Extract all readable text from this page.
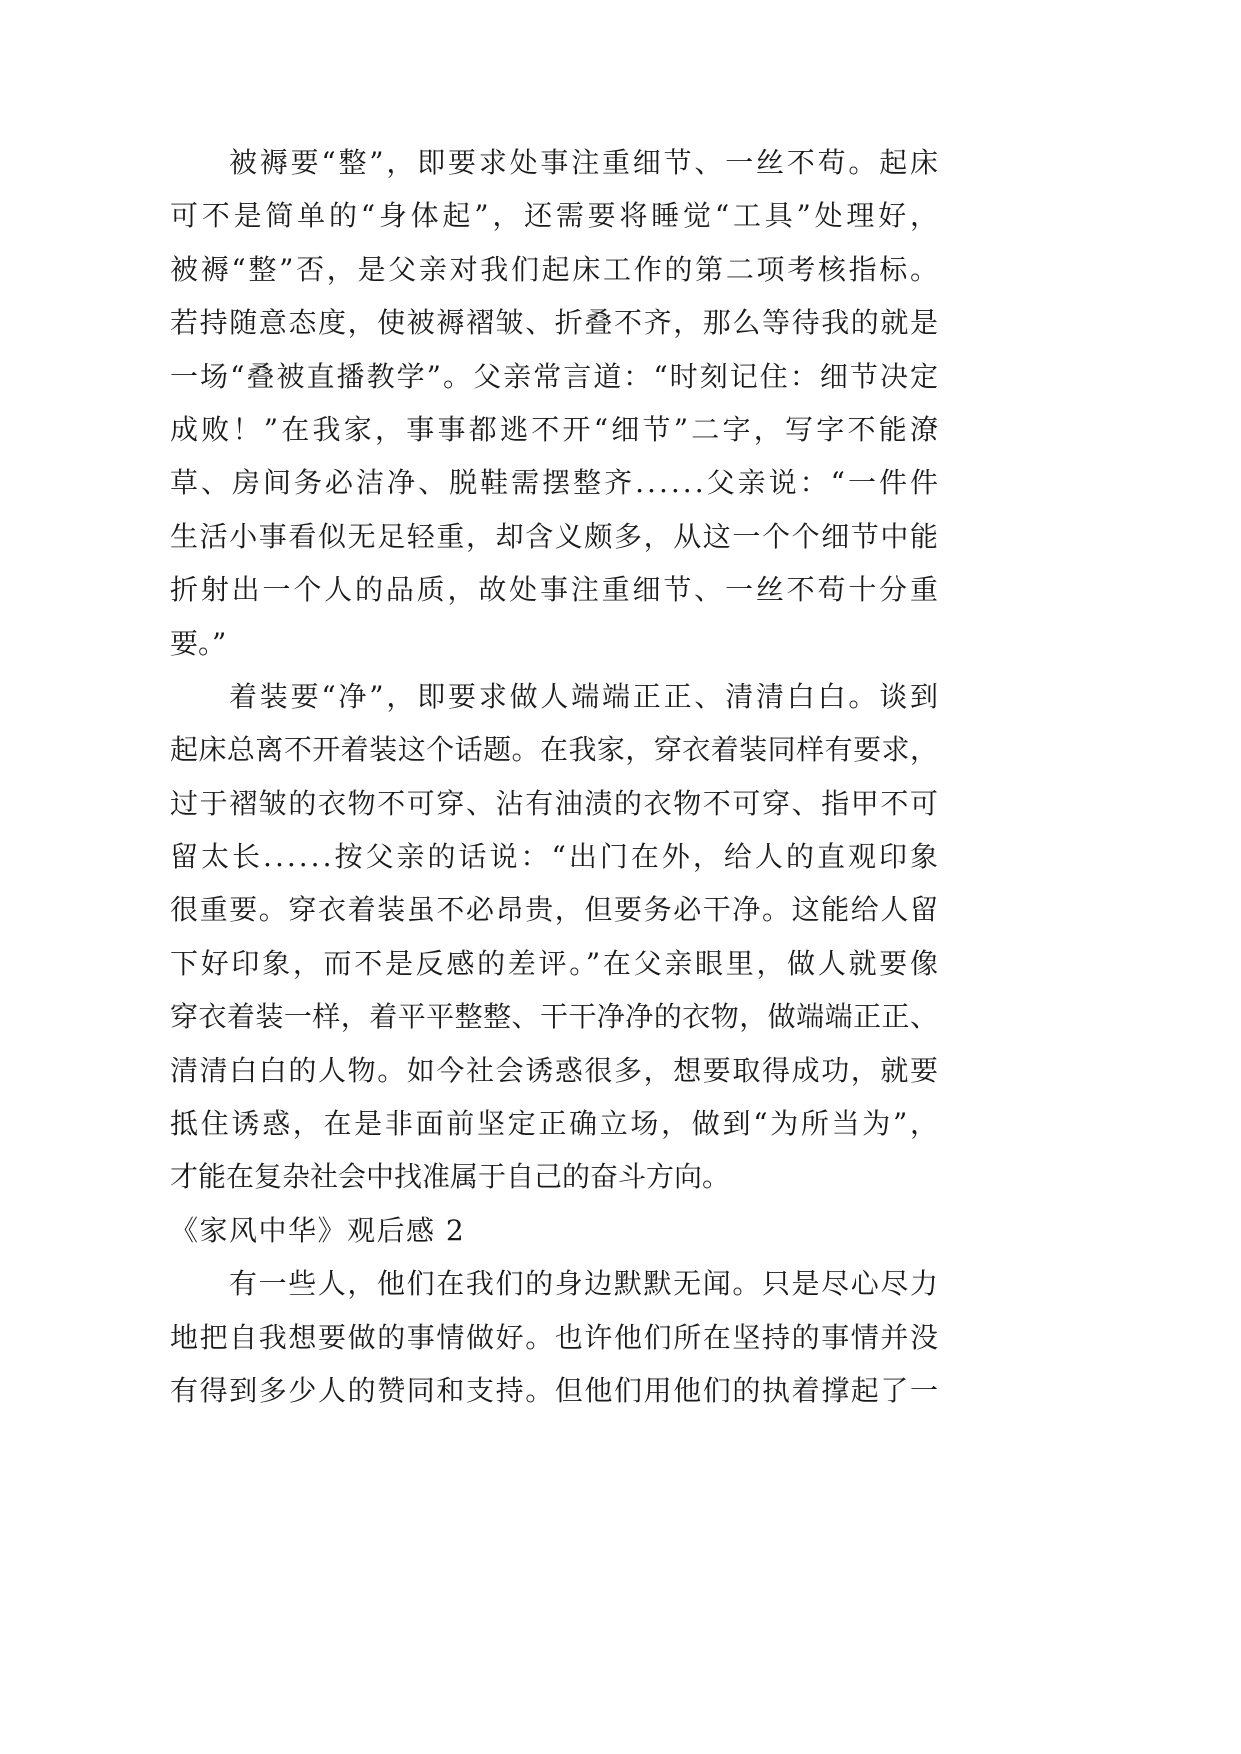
被褥要“整”，即要求处事注重细节、一丝不苟。起床
可不是简单的“身体起”，还需要将睡觉“工具”处理好，
被褥“整”否，是父亲对我们起床工作的第二项考核指标。
若持随意态度，使被褥褶皱、折叠不齐，那么等待我的就是
一场“叠被直播教学”。父亲常言道：“时刻记住：细节决定
成败！”在我家，事事都逃不开“细节”二字，写字不能潦
草、房间务必洁净、脱鞋需摆整齐......父亲说：“一件件
生活小事看似无足轻重，却含义颇多，从这一个个细节中能
折射出一个人的品质，故处事注重细节、一丝不苟十分重
要。”
着装要“净”，即要求做人端端正正、清清白白。谈到
起床总离不开着装这个话题。在我家，穿衣着装同样有要求，
过于褶皱的衣物不可穿、沾有油渍的衣物不可穿、指甲不可
留太长......按父亲的话说：“出门在外，给人的直观印象
很重要。穿衣着装虽不必昂贵，但要务必干净。这能给人留
下好印象，而不是反感的差评。”在父亲眼里，做人就要像
穿衣着装一样，着平平整整、干干净净的衣物，做端端正正、
清清白白的人物。如今社会诱惑很多，想要取得成功，就要
抵住诱惑，在是非面前坚定正确立场，做到“为所当为”，
才能在复杂社会中找准属于自己的奋斗方向。
《家风中华》观后感 2
有一些人，他们在我们的身边默默无闻。只是尽心尽力
地把自我想要做的事情做好。也许他们所在坚持的事情并没
有得到多少人的赞同和支持。但他们用他们的执着撑起了一
